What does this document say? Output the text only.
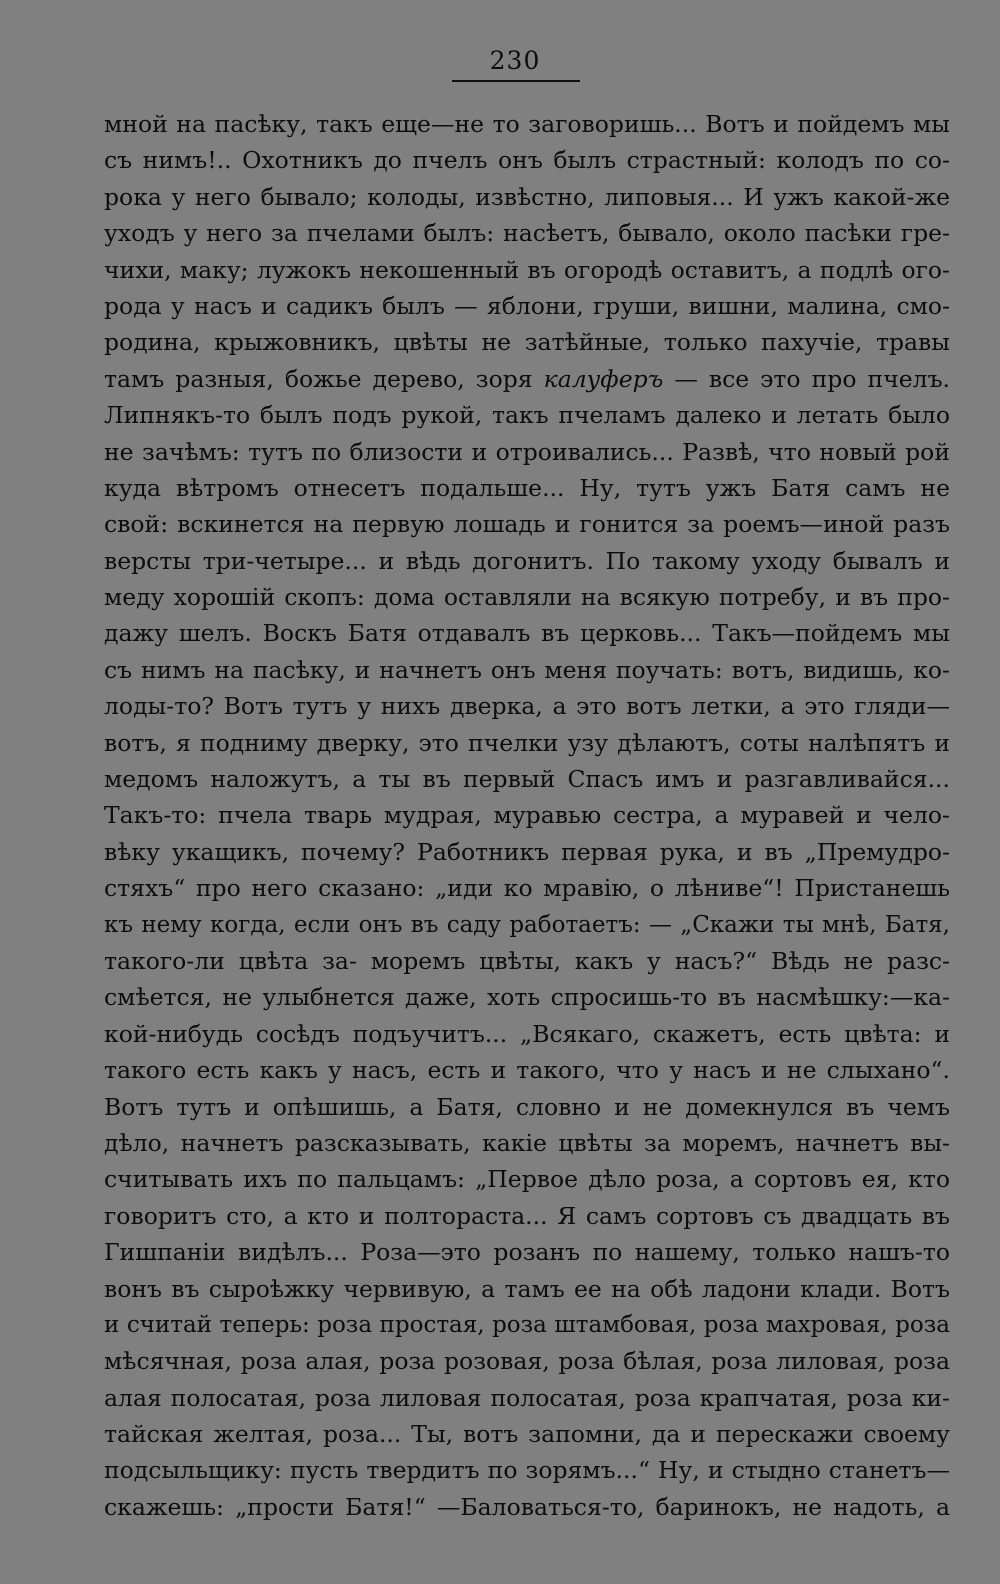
230
мной на пасѣку, такъ еще—не то заговоришь... Вотъ и пойдемъ мы
съ нимъ!.. Охотникъ до пчелъ онъ былъ страстный: колодъ по со-
рока у него бывало; колоды, извѣстно, липовыя... И ужъ какой-же
уходъ у него за пчелами былъ: насѣетъ, бывало, около пасѣки гре-
чихи, маку; лужокъ некошенный въ огородѣ оставитъ, а подлѣ ого-
рода у насъ и садикъ былъ — яблони, груши, вишни, малина, смо-
родина, крыжовникъ, цвѣты не затѣйные, только пахучіе, травы
тамъ разныя, божье дерево, зоря калуферъ — все это про пчелъ.
Липнякъ-то былъ подъ рукой, такъ пчеламъ далеко и летать было
не зачѣмъ: тутъ по близости и отроивались... Развѣ, что новый рой
куда вѣтромъ отнесетъ подальше... Ну, тутъ ужъ Батя самъ не
свой: вскинется на первую лошадь и гонится за роемъ—иной разъ
версты три-четыре... и вѣдь догонитъ. По такому уходу бывалъ и
меду хорошій скопъ: дома оставляли на всякую потребу, и въ про-
дажу шелъ. Воскъ Батя отдавалъ въ церковь... Такъ—пойдемъ мы
съ нимъ на пасѣку, и начнетъ онъ меня поучать: вотъ, видишь, ко-
лоды-то? Вотъ тутъ у нихъ дверка, а это вотъ летки, а это гляди—
вотъ, я подниму дверку, это пчелки узу дѣлаютъ, соты налѣпятъ и
медомъ наложутъ, а ты въ первый Спасъ имъ и разгавливайся...
Такъ-то: пчела тварь мудрая, муравью сестра, а муравей и чело-
вѣку укащикъ, почему? Работникъ первая рука, и въ „Премудро-
стяхъ“ про него сказано: „иди ко мравію, о лѣниве“! Пристанешь
къ нему когда, если онъ въ саду работаетъ: — „Скажи ты мнѣ, Батя,
такого-ли цвѣта за- моремъ цвѣты, какъ у насъ?“ Вѣдь не разс-
смѣется, не улыбнется даже, хоть спросишь-то въ насмѣшку:—ка-
кой-нибудь сосѣдъ подъучитъ... „Всякаго, скажетъ, есть цвѣта: и
такого есть какъ у насъ, есть и такого, что у насъ и не слыхано“.
Вотъ тутъ и опѣшишь, а Батя, словно и не домекнулся въ чемъ
дѣло, начнетъ разсказывать, какіе цвѣты за моремъ, начнетъ вы-
считывать ихъ по пальцамъ: „Первое дѣло роза, а сортовъ ея, кто
говоритъ сто, а кто и полтораста... Я самъ сортовъ съ двадцать въ
Гишпаніи видѣлъ... Роза—это розанъ по нашему, только нашъ-то
вонъ въ сыроѣжку червивую, а тамъ ее на обѣ ладони клади. Вотъ
и считай теперь: роза простая, роза штамбовая, роза махровая, роза
мѣсячная, роза алая, роза розовая, роза бѣлая, роза лиловая, роза
алая полосатая, роза лиловая полосатая, роза крапчатая, роза ки-
тайская желтая, роза... Ты, вотъ запомни, да и перескажи своему
подсыльщику: пусть твердитъ по зорямъ...“ Ну, и стыдно станетъ—
скажешь: „прости Батя!“ —Баловаться-то, баринокъ, не надоть, а
